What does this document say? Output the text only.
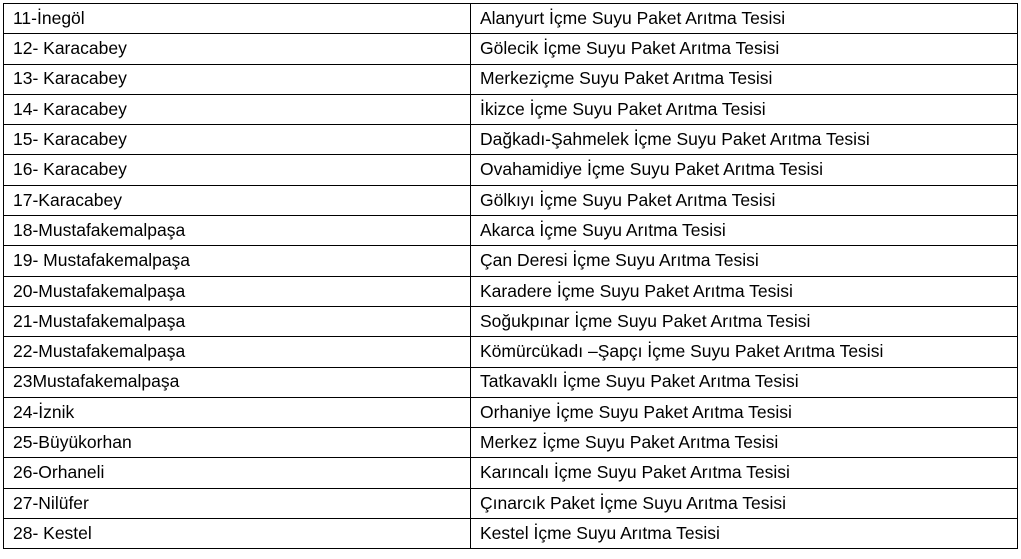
11-İnegöl	Alanyurt İçme Suyu Paket Arıtma Tesisi
12- Karacabey	Gölecik İçme Suyu Paket Arıtma Tesisi
13- Karacabey	Merkeziçme Suyu Paket Arıtma Tesisi
14- Karacabey	İkizce İçme Suyu Paket Arıtma Tesisi
15- Karacabey	Dağkadı-Şahmelek İçme Suyu Paket Arıtma Tesisi
16- Karacabey	Ovahamidiye İçme Suyu Paket Arıtma Tesisi
17-Karacabey	Gölkıyı İçme Suyu Paket Arıtma Tesisi
18-Mustafakemalpaşa	Akarca İçme Suyu Arıtma Tesisi
19- Mustafakemalpaşa	Çan Deresi İçme Suyu Arıtma Tesisi
20-Mustafakemalpaşa	Karadere İçme Suyu Paket Arıtma Tesisi
21-Mustafakemalpaşa	Soğukpınar İçme Suyu Paket Arıtma Tesisi
22-Mustafakemalpaşa	Kömürcükadı –Şapçı İçme Suyu Paket Arıtma Tesisi
23Mustafakemalpaşa	Tatkavaklı İçme Suyu Paket Arıtma Tesisi
24-İznik	Orhaniye İçme Suyu Paket Arıtma Tesisi
25-Büyükorhan	Merkez İçme Suyu Paket Arıtma Tesisi
26-Orhaneli	Karıncalı İçme Suyu Paket Arıtma Tesisi
27-Nilüfer	Çınarcık Paket İçme Suyu Arıtma Tesisi
28- Kestel	Kestel İçme Suyu Arıtma Tesisi
